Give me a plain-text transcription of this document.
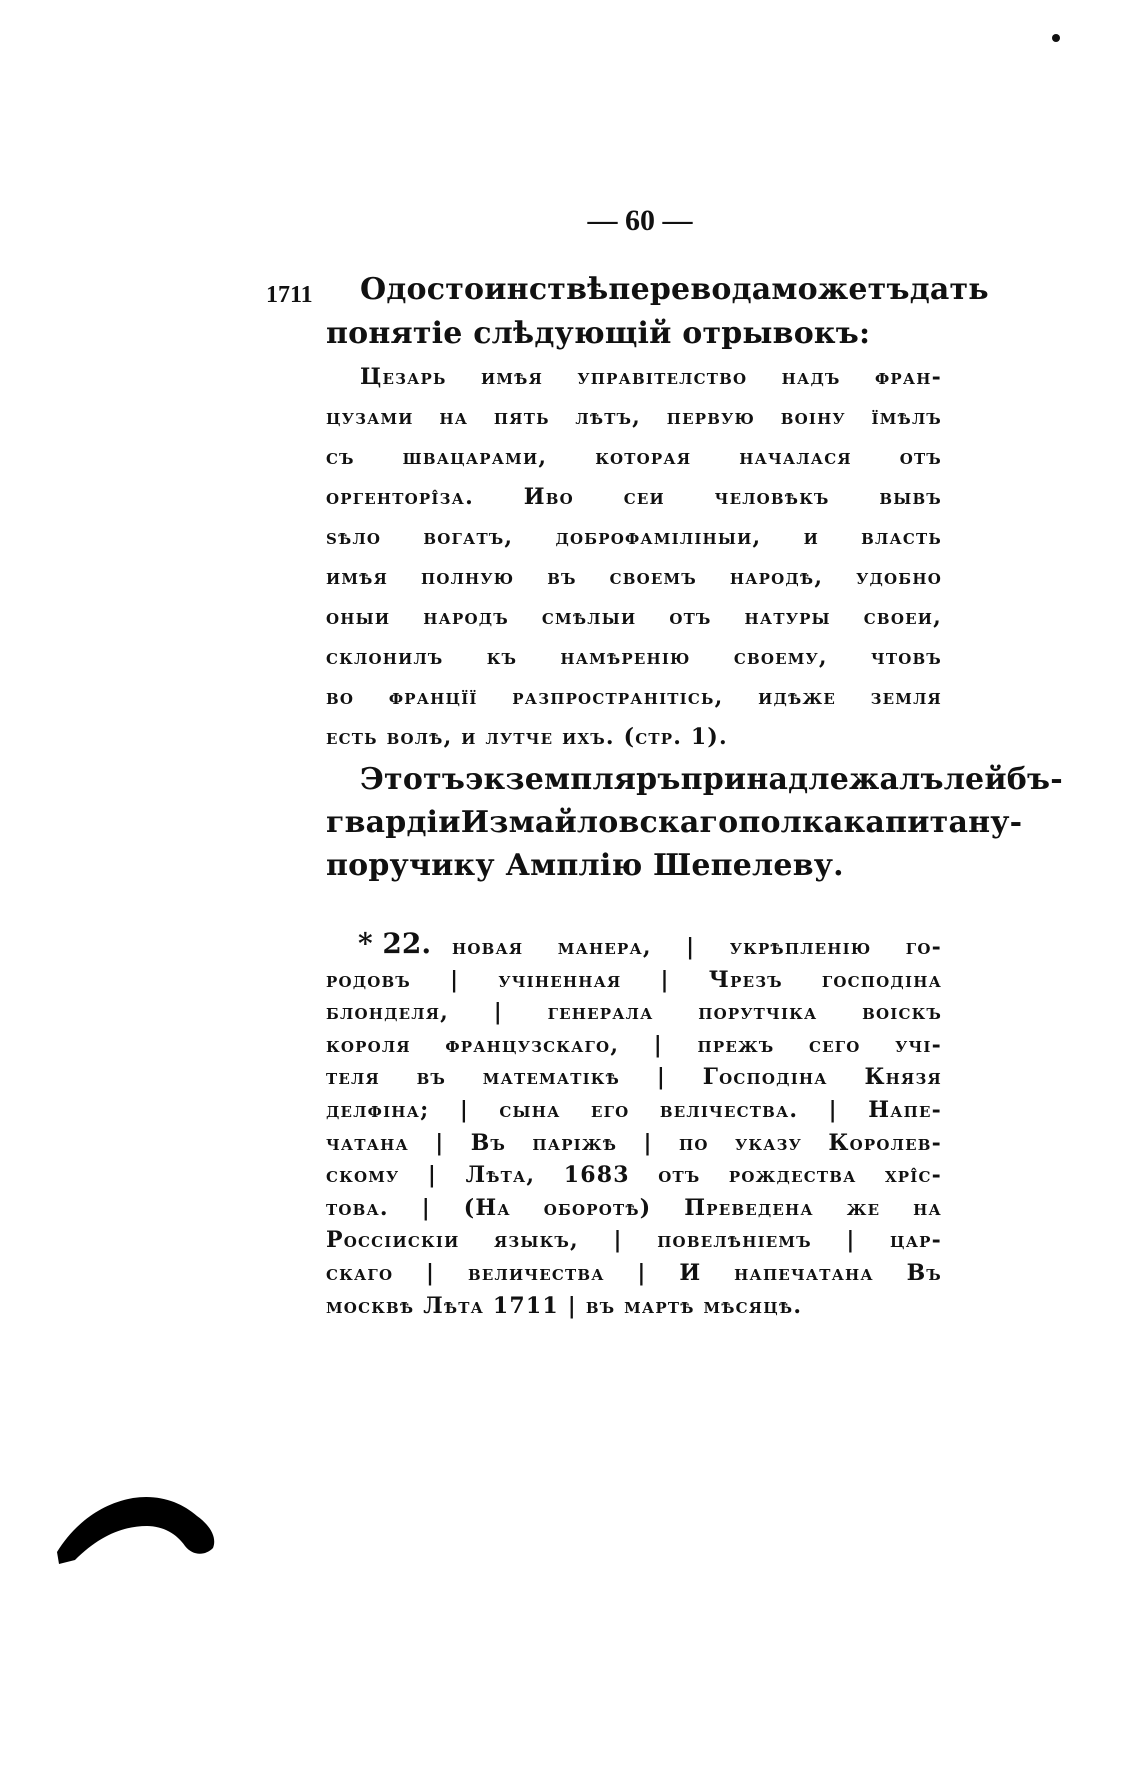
— 60 —
1711 О достоинствѣ перевода можетъ дать
понятіе слѣдующій отрывокъ:
Цезарь имѣя управітелство надъ фран-
цузами на пять лѣтъ, первую воіну їмѣлъ
съ швацарами, которая началася отъ
оргенторі̂за. Иво сеи человѣкъ вывъ
ѕѣло вогатъ, доброфаміліныи, и власть
имѣя полную въ своемъ народѣ, удобно
оныи народъ смѣлыи отъ натуры своеи,
склонилъ къ намѣренію своему, чтовъ
во францїї разпространітісь, идѣже земля
есть волѣ, и лутче ихъ. (стр. 1).
Этотъ экземпляръ принадлежалъ лейбъ-
гвардіи Измайловскаго полка капитану-
поручику Амплію Шепелеву.
* 22. новая манера, | укрѣпленію го-
родовъ | учіненная | Чрезъ господіна
блонделя, | генерала порутчіка воіскъ
короля французскаго, | прежъ сего учі-
теля въ математікѣ | Господіна Князя
делфіна; | сына его велічества. | Напе-
чатана | Въ паріжѣ | по указу Королев-
скому | Лѣта, 1683 отъ рождества хрі̂с-
това. | (На оборотѣ) Преведена же на
Россіискіи языкъ, | повелѣніемъ | цар-
скаго | величества | И напечатана Въ
москвѣ Лѣта 1711 | въ мартѣ мѣсяцѣ.
